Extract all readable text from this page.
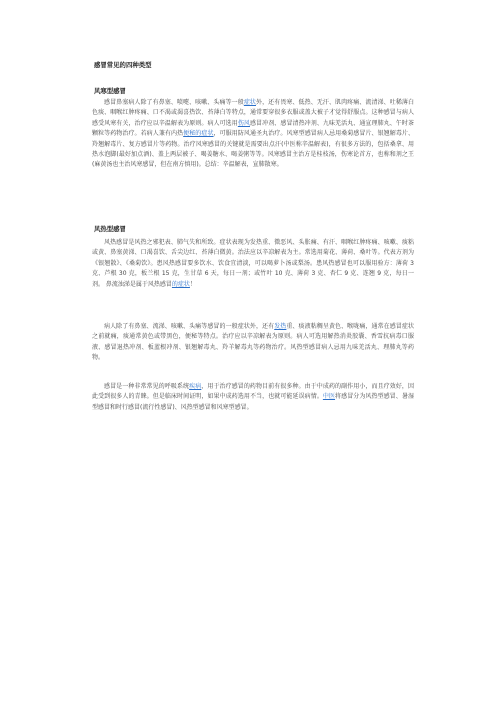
感冒常见的四种类型
风寒型感冒

感冒鼻塞病人除了有鼻塞、喷嚏、咳嗽、头痛等一般症状外，还有畏寒、低热、无汗、肌肉疼痛、流清涕、吐稀薄白色痰、咽喉红肿疼痛、口不渴或渴喜热饮、苔薄白等特点，通常要穿很多衣服或盖大被子才觉得舒服点。这种感冒与病人感受风寒有关，治疗应以辛温解表为原则。病人可选用伤风感冒冲剂、感冒清热冲剂、九味羌活丸、通宣理肺丸、午时茶颗粒等药物治疗。若病人兼有内热便秘的症状，可服用防风通圣丸治疗。风寒型感冒病人忌用桑菊感冒片、银翘解毒片、羚翘解毒片、复方感冒片等药物。治疗风寒感冒的关键就是需要出点汗(中医称辛温解表)，有很多方法的，包括桑拿、用热水泡脚(最好加点酒)、盖上两层被子、喝姜糖水、喝姜粥等等。风寒感冒主治方是桂枝汤，伤寒论首方，也称和剂之王(麻黄汤也主治风寒感冒，但在南方慎用)。总结：辛温解表，宣肺散寒。

风热型感冒

风热感冒是风热之邪犯表、肺气失和所致。症状表现为发热重、微恶风、头胀痛、有汗、咽喉红肿疼痛、咳嗽、痰粘或黄、鼻塞黄涕、口渴喜饮、舌尖边红、苔薄白微黄。治法应以辛凉解表为主。常选用菊花、薄荷、桑叶等。代表方剂为《银翘散》、《桑菊饮》。患风热感冒要多饮水、饮食宜清淡，可以喝萝卜汤或梨汤。患风热感冒也可以服用验方：薄荷 3 克、芦根 30 克，板兰根 15 克，生甘草 6 天，每日一剂；或竹叶 10 克、薄荷 3 克、杏仁 9 克、连翘 9 克，每日一剂。 鼻流浊涕是属于风热感冒的症状！

病人除了有鼻塞、流涕、咳嗽、头痛等感冒的一般症状外，还有发热重、痰液粘稠呈黄色、喉咙痛，通常在感冒症状之前就痛，痰通常黄色或带黑色，便秘等特点。治疗应以辛凉解表为原则。病人可选用解热消炎胶囊、香雪抗病毒口服液、感冒退热冲剂、板蓝根冲剂、银翘解毒丸、羚羊解毒丸等药物治疗。风热型感冒病人忌用九味羌活丸、理肺丸等药物。

感冒是一种非常常见的呼吸系统疾病，用于治疗感冒的药物目前有很多种。由于中成药的副作用小，而且疗效好，因此受到很多人的青睐。但是临床时间证明，如果中成药选用不当，也就可能延误病情。中医将感冒分为风热型感冒、暑湿型感冒和时行感冒(流行性感冒)、风热型感冒和风寒型感冒。
